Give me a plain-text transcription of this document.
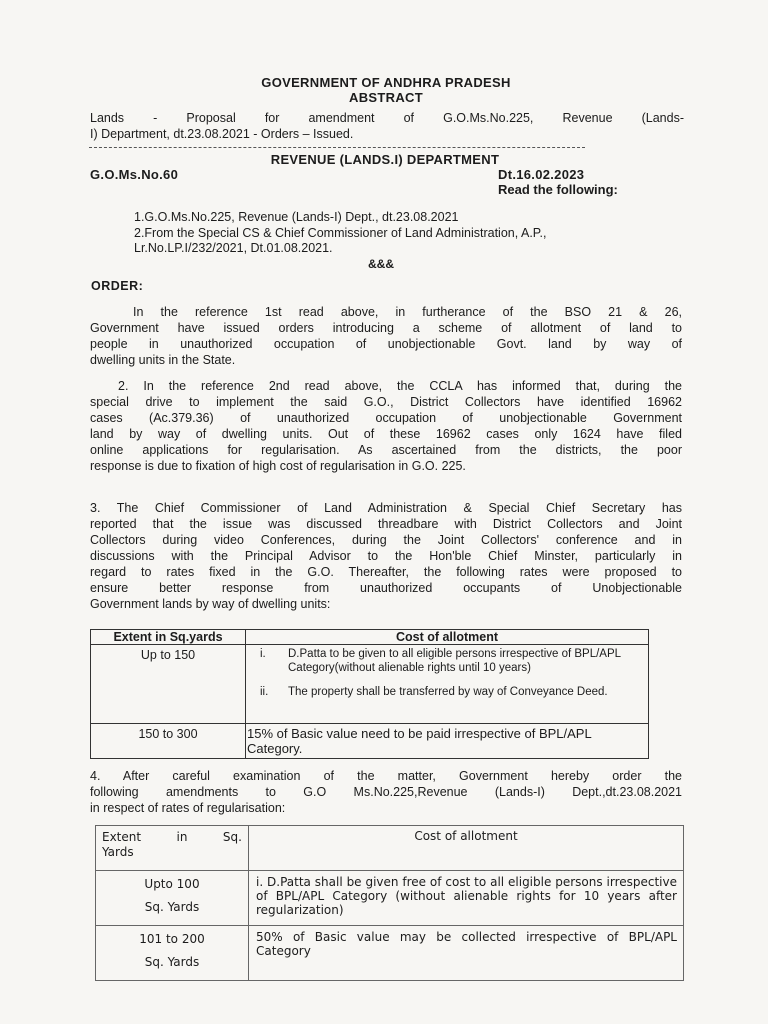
GOVERNMENT OF ANDHRA PRADESH
ABSTRACT
Lands - Proposal for amendment of G.O.Ms.No.225, Revenue (Lands-
I) Department, dt.23.08.2021 - Orders – Issued.
REVENUE (LANDS.I) DEPARTMENT
G.O.Ms.No.60	Dt.16.02.2023
Read the following:
1.G.O.Ms.No.225, Revenue (Lands-I) Dept., dt.23.08.2021
2.From the Special CS & Chief Commissioner of Land Administration, A.P.,
Lr.No.LP.I/232/2021, Dt.01.08.2021.
&&&
ORDER:
In the reference 1st read above, in furtherance of the BSO 21 & 26,
Government have issued orders introducing a scheme of allotment of land to
people in unauthorized occupation of unobjectionable Govt. land by way of
dwelling units in the State.
2. In the reference 2nd read above, the CCLA has informed that, during the
special drive to implement the said G.O., District Collectors have identified 16962
cases (Ac.379.36) of unauthorized occupation of unobjectionable Government
land by way of dwelling units. Out of these 16962 cases only 1624 have filed
online applications for regularisation. As ascertained from the districts, the poor
response is due to fixation of high cost of regularisation in G.O. 225.
3. The Chief Commissioner of Land Administration & Special Chief Secretary has
reported that the issue was discussed threadbare with District Collectors and Joint
Collectors during video Conferences, during the Joint Collectors' conference and in
discussions with the Principal Advisor to the Hon'ble Chief Minster, particularly in
regard to rates fixed in the G.O. Thereafter, the following rates were proposed to
ensure better response from unauthorized occupants of Unobjectionable
Government lands by way of dwelling units:
Extent in Sq.yards	Cost of allotment
Up to 150	i. D.Patta to be given to all eligible persons irrespective of BPL/APL Category(without alienable rights until 10 years)
ii. The property shall be transferred by way of Conveyance Deed.

150 to 300	15% of Basic value need to be paid irrespective of BPL/APL Category.
4. After careful examination of the matter, Government hereby order the
following amendments to G.O Ms.No.225,Revenue (Lands-I) Dept.,dt.23.08.2021
in respect of rates of regularisation:
Extent in Sq.
Yards	Cost of allotment

Upto 100
Sq. Yards	i. D.Patta shall be given free of cost to all eligible persons irrespective of BPL/APL Category (without alienable rights for 10 years after regularization)

101 to 200
Sq. Yards	50% of Basic value may be collected irrespective of BPL/APL Category
